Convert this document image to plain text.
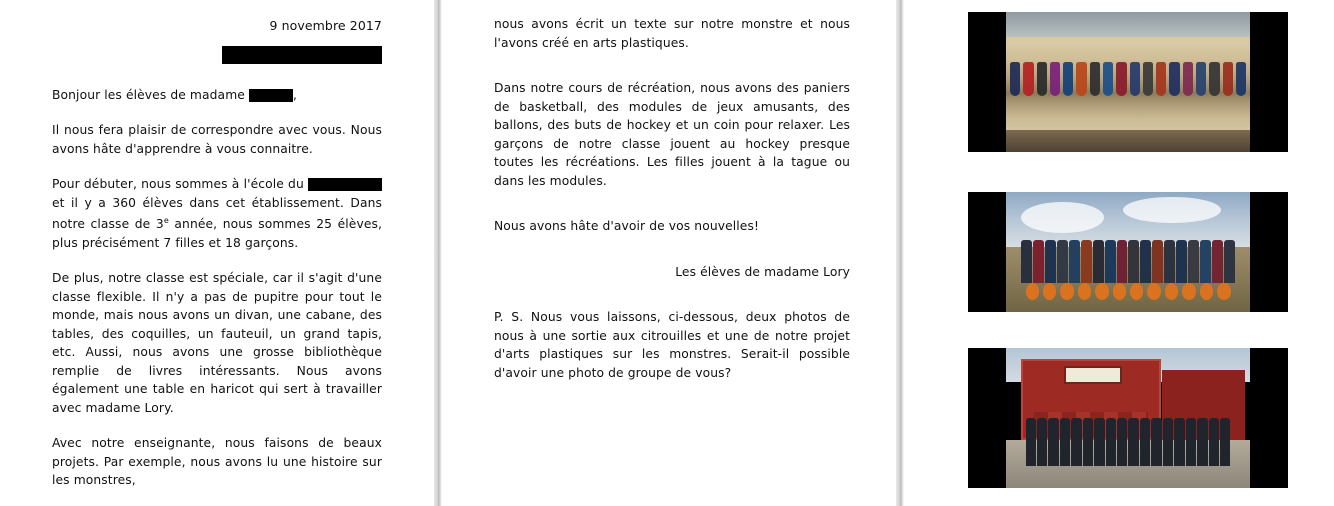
9 novembre 2017

Bonjour les élèves de madame	,

Il nous fera plaisir de correspondre avec vous. Nous avons hâte d'apprendre à vous connaitre.

Pour débuter, nous sommes à l'école du  et il y a 360 élèves dans cet établissement. Dans notre classe de 3e année, nous sommes 25 élèves, plus précisément 7 filles et 18 garçons.

De plus, notre classe est spéciale, car il s'agit d'une classe flexible. Il n'y a pas de pupitre pour tout le monde, mais nous avons un divan, une cabane, des tables, des coquilles, un fauteuil, un grand tapis, etc. Aussi, nous avons une grosse bibliothèque remplie de livres intéressants. Nous avons également une table en haricot qui sert à travailler avec madame Lory.

Avec notre enseignante, nous faisons de beaux projets. Par exemple, nous avons lu une histoire sur les monstres,

nous avons écrit un texte sur notre monstre et nous l'avons créé en arts plastiques.

Dans notre cours de récréation, nous avons des paniers de basketball, des modules de jeux amusants, des ballons, des buts de hockey et un coin pour relaxer. Les garçons de notre classe jouent au hockey presque toutes les récréations. Les filles jouent à la tague ou dans les modules.

Nous avons hâte d'avoir de vos nouvelles!

Les élèves de madame Lory

P. S. Nous vous laissons, ci-dessous, deux photos de nous à une sortie aux citrouilles et une de notre projet d'arts plastiques sur les monstres. Serait-il possible d'avoir une photo de groupe de vous?
